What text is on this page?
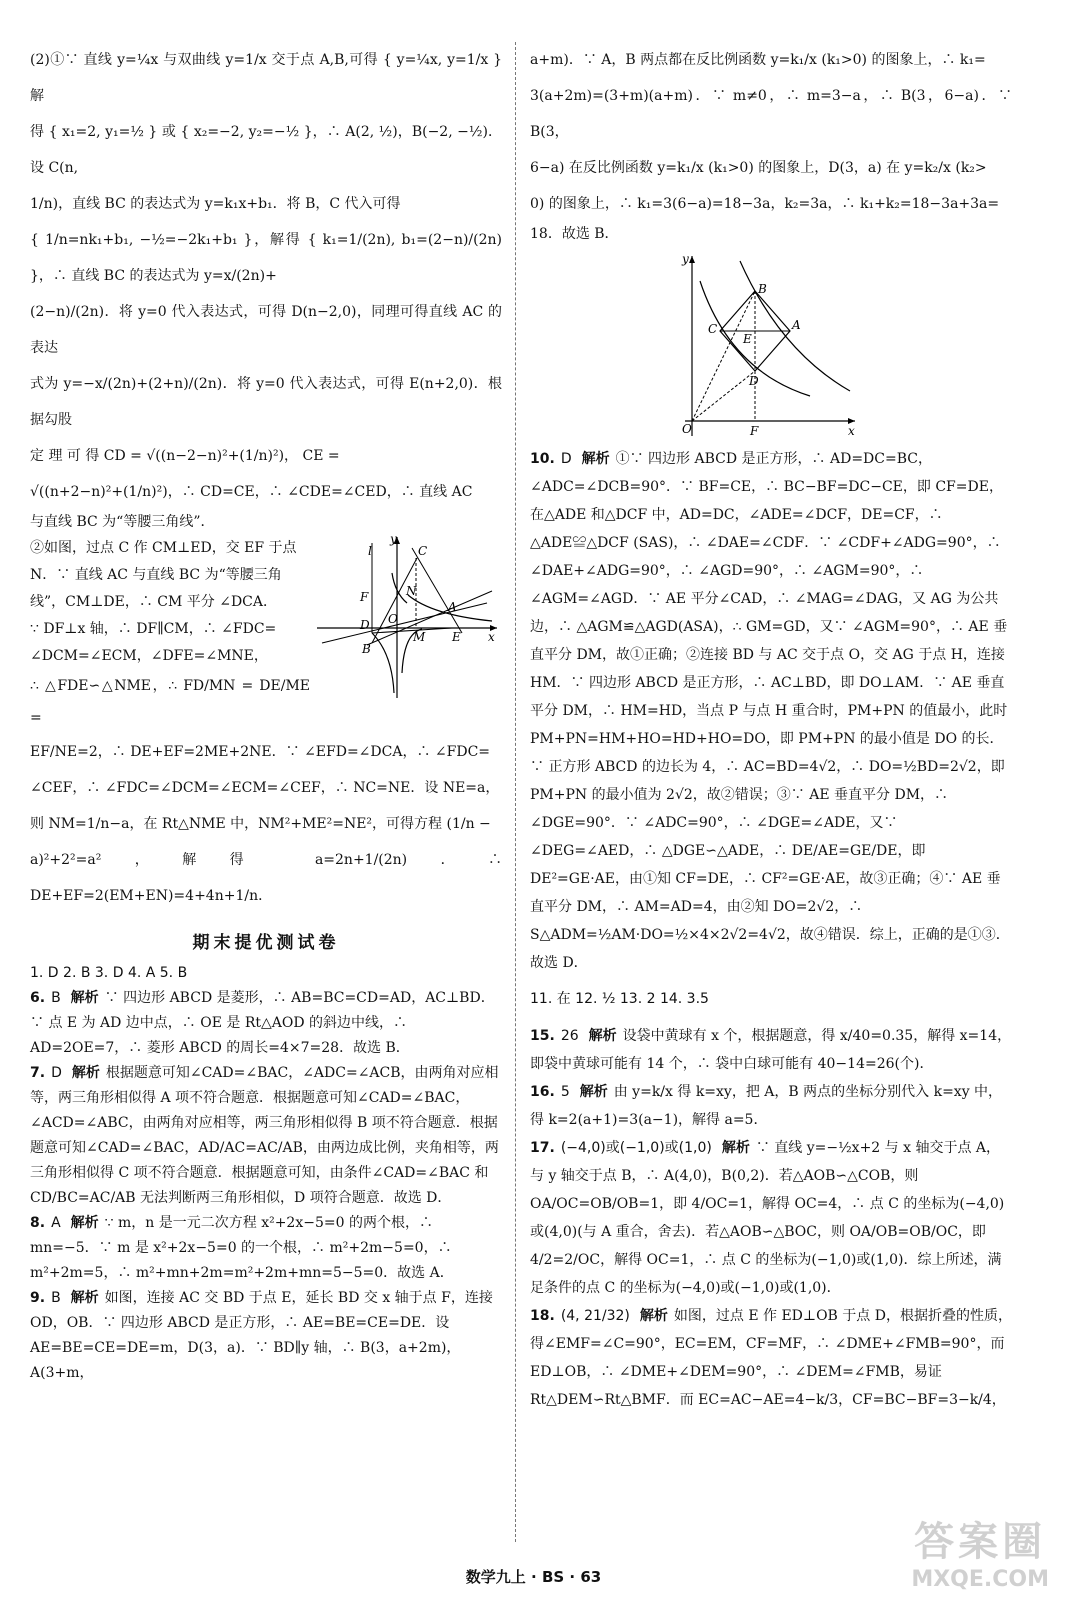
(2)①∵ 直线 y=¼x 与双曲线 y=1/x 交于点 A,B,可得 { y=¼x, y=1/x } 解

得 { x₁=2, y₁=½ } 或 { x₂=−2, y₂=−½ }，∴ A(2, ½)，B(−2, −½)．设 C(n,

1/n)，直线 BC 的表达式为 y=k₁x+b₁．将 B，C 代入可得

{ 1/n=nk₁+b₁, −½=−2k₁+b₁ }，解得 { k₁=1/(2n), b₁=(2−n)/(2n) }，∴ 直线 BC 的表达式为 y=x/(2n)+

(2−n)/(2n)．将 y=0 代入表达式，可得 D(n−2,0)，同理可得直线 AC 的表达

式为 y=−x/(2n)+(2+n)/(2n)．将 y=0 代入表达式，可得 E(n+2,0)．根据勾股

定 理 可 得 CD = √((n−2−n)²+(1/n)²)， CE =

√((n+2−n)²+(1/n)²)，∴ CD=CE，∴ ∠CDE=∠CED，∴ 直线 AC

与直线 BC 为“等腰三角线”．

②如图，过点 C 作 CM⊥ED，交 EF 于点

N．∵ 直线 AC 与直线 BC 为“等腰三角

线”，CM⊥DE，∴ CM 平分 ∠DCA．

∵ DF⊥x 轴，∴ DF∥CM，∴ ∠FDC=

∠DCM=∠ECM，∠DFE=∠MNE，

∴ △FDE∽△NME，∴ FD/MN = DE/ME =

l
y
C
F	N
A
D O
M E
B
x

EF/NE=2，∴ DE+EF=2ME+2NE．∵ ∠EFD=∠DCA，∴ ∠FDC=

∠CEF，∴ ∠FDC=∠DCM=∠ECM=∠CEF，∴ NC=NE．设 NE=a，

则 NM=1/n−a，在 Rt△NME 中，NM²+ME²=NE²，可得方程 (1/n −

a)²+2²=a²，解得 a=2n+1/(2n)．∴ DE+EF=2(EM+EN)=4+4n+1/n．

期末提优测试卷

1. D 2. B 3. D 4. A 5. B

6. B 解析 ∵ 四边形 ABCD 是菱形，∴ AB=BC=CD=AD，AC⊥BD．∵ 点 E 为 AD 边中点，∴ OE 是 Rt△AOD 的斜边中线，∴ AD=2OE=7，∴ 菱形 ABCD 的周长=4×7=28．故选 B．
7. D 解析 根据题意可知∠CAD=∠BAC，∠ADC=∠ACB，由两角对应相等，两三角形相似得 A 项不符合题意．根据题意可知∠CAD=∠BAC，∠ACD=∠ABC，由两角对应相等，两三角形相似得 B 项不符合题意．根据题意可知∠CAD=∠BAC，AD/AC=AC/AB，由两边成比例，夹角相等，两三角形相似得 C 项不符合题意．根据题意可知，由条件∠CAD=∠BAC 和 CD/BC=AC/AB 无法判断两三角形相似，D 项符合题意．故选 D．
8. A 解析 ∵ m，n 是一元二次方程 x²+2x−5=0 的两个根，∴ mn=−5．∵ m 是 x²+2x−5=0 的一个根，∴ m²+2m−5=0，∴ m²+2m=5，∴ m²+mn+2m=m²+2m+mn=5−5=0．故选 A．
9. B 解析 如图，连接 AC 交 BD 于点 E，延长 BD 交 x 轴于点 F，连接 OD，OB．∵ 四边形 ABCD 是正方形，∴ AE=BE=CE=DE．设 AE=BE=CE=DE=m，D(3，a)．∵ BD∥y 轴，∴ B(3，a+2m)，A(3+m，

a+m)．∵ A，B 两点都在反比例函数 y=k₁/x (k₁>0) 的图象上，∴ k₁=

3(a+2m)=(3+m)(a+m)．∵ m≠0，∴ m=3−a，∴ B(3，6−a)．∵ B(3，

6−a) 在反比例函数 y=k₁/x (k₁>0) 的图象上，D(3，a) 在 y=k₂/x (k₂>

0) 的图象上，∴ k₁=3(6−a)=18−3a，k₂=3a，∴ k₁+k₂=18−3a+3a=

18．故选 B．

B
A
C
E
D
O	F
y
x
10. D 解析 ①∵ 四边形 ABCD 是正方形，∴ AD=DC=BC，∠ADC=∠DCB=90°．∵ BF=CE，∴ BC−BF=DC−CE，即 CF=DE，在△ADE 和△DCF 中，AD=DC，∠ADE=∠DCF，DE=CF，∴ △ADE≌△DCF (SAS)，∴ ∠DAE=∠CDF．∵ ∠CDF+∠ADG=90°，∴ ∠DAE+∠ADG=90°，∴ ∠AGD=90°，∴ ∠AGM=90°，∴ ∠AGM=∠AGD．∵ AE 平分∠CAD，∴ ∠MAG=∠DAG，又 AG 为公共边，∴ △AGM≌△AGD(ASA)，∴ GM=GD，又∵ ∠AGM=90°，∴ AE 垂直平分 DM，故①正确；②连接 BD 与 AC 交于点 O，交 AG 于点 H，连接 HM．∵ 四边形 ABCD 是正方形，∴ AC⊥BD，即 DO⊥AM．∵ AE 垂直平分 DM，∴ HM=HD，当点 P 与点 H 重合时，PM+PN 的值最小，此时 PM+PN=HM+HO=HD+HO=DO，即 PM+PN 的最小值是 DO 的长．∵ 正方形 ABCD 的边长为 4，∴ AC=BD=4√2，∴ DO=½BD=2√2，即 PM+PN 的最小值为 2√2，故②错误；③∵ AE 垂直平分 DM，∴ ∠DGE=90°．∵ ∠ADC=90°，∴ ∠DGE=∠ADE，又∵ ∠DEG=∠AED，∴ △DGE∽△ADE，∴ DE/AE=GE/DE，即 DE²=GE·AE，由①知 CF=DE，∴ CF²=GE·AE，故③正确；④∵ AE 垂直平分 DM，∴ AM=AD=4，由②知 DO=2√2，∴ S△ADM=½AM·DO=½×4×2√2=4√2，故④错误．综上，正确的是①③．故选 D．

11. 在 12. ½ 13. 2 14. 3.5

15. 26 解析 设袋中黄球有 x 个，根据题意，得 x/40=0.35，解得 x=14，即袋中黄球可能有 14 个，∴ 袋中白球可能有 40−14=26(个)．
16. 5 解析 由 y=k/x 得 k=xy，把 A，B 两点的坐标分别代入 k=xy 中，得 k=2(a+1)=3(a−1)，解得 a=5．
17. (−4,0)或(−1,0)或(1,0) 解析 ∵ 直线 y=−½x+2 与 x 轴交于点 A，与 y 轴交于点 B，∴ A(4,0)，B(0,2)．若△AOB∽△COB，则 OA/OC=OB/OB=1，即 4/OC=1，解得 OC=4，∴ 点 C 的坐标为(−4,0)或(4,0)(与 A 重合，舍去)．若△AOB∽△BOC，则 OA/OB=OB/OC，即 4/2=2/OC，解得 OC=1，∴ 点 C 的坐标为(−1,0)或(1,0)．综上所述，满足条件的点 C 的坐标为(−4,0)或(−1,0)或(1,0)．
18. (4, 21/32) 解析 如图，过点 E 作 ED⊥OB 于点 D，根据折叠的性质，得∠EMF=∠C=90°，EC=EM，CF=MF，∴ ∠DME+∠FMB=90°，而 ED⊥OB，∴ ∠DME+∠DEM=90°，∴ ∠DEM=∠FMB，易证 Rt△DEM∽Rt△BMF．而 EC=AC−AE=4−k/3，CF=BC−BF=3−k/4，
数学九上 · BS · 63
答案圈
MXQE.COM
